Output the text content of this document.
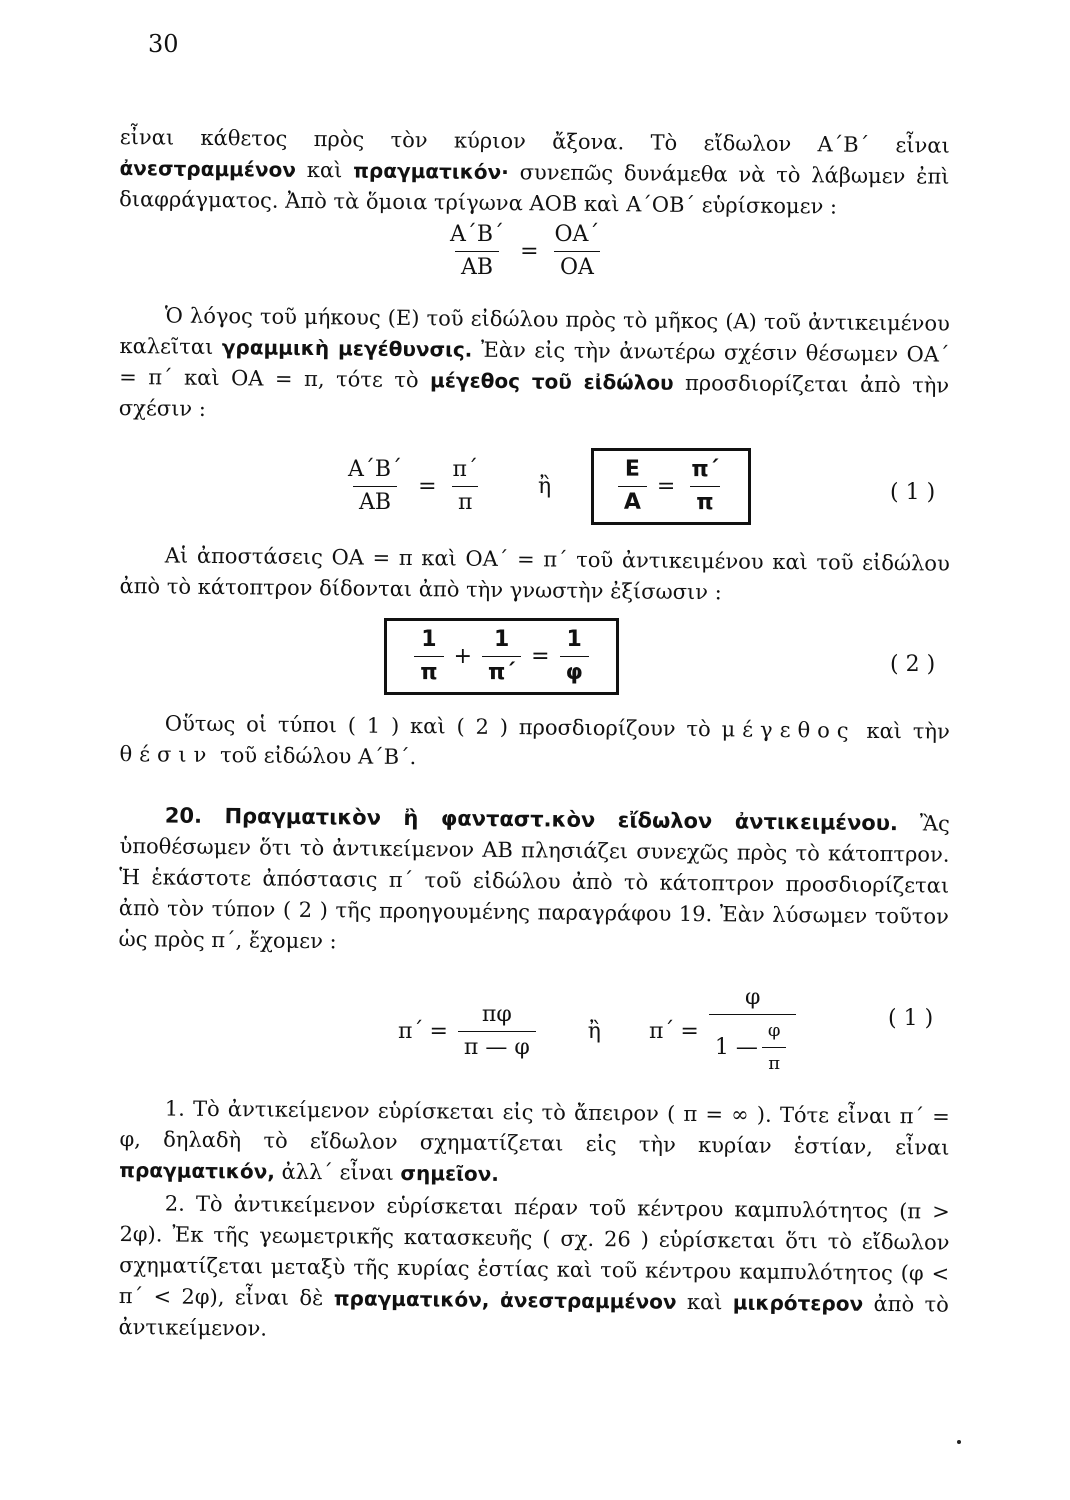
30
εἶναι κάθετος πρὸς τὸν κύριον ἄξονα. Τὸ εἴδωλον Α΄Β΄ εἶναι ἀνεστραμμένον καὶ πραγματικόν· συνεπῶς δυνάμεθα νὰ τὸ λάβωμεν ἐπὶ διαφράγματος. Ἀπὸ τὰ ὅμοια τρίγωνα ΑΟΒ καὶ Α΄ΟΒ΄ εὑρίσκομεν :
$\frac{A΄B΄}{AB} = \frac{OA΄}{OA}$
Ὁ λόγος τοῦ μήκους (Ε) τοῦ εἰδώλου πρὸς τὸ μῆκος (Α) τοῦ ἀντικειμένου καλεῖται γραμμικὴ μεγέθυνσις. Ἐὰν εἰς τὴν ἀνωτέρω σχέσιν θέσωμεν ΟΑ΄ = π΄ καὶ ΟΑ = π, τότε τὸ μέγεθος τοῦ εἰδώλου προσδιορίζεται ἀπὸ τὴν σχέσιν :
$\frac{A΄B΄}{AB} = \frac{\pi΄}{\pi}$ ἢ	$\frac{E}{A} = \frac{\pi΄}{\pi}$	( 1 )
Αἱ ἀποστάσεις ΟΑ = π καὶ ΟΑ΄ = π΄ τοῦ ἀντικειμένου καὶ τοῦ εἰδώλου ἀπὸ τὸ κάτοπτρον δίδονται ἀπὸ τὴν γνωστὴν ἐξίσωσιν :
$\frac{1}{\pi} + \frac{1}{\pi΄} = \frac{1}{\varphi}$	( 2 )
Οὕτως οἱ τύποι ( 1 ) καὶ ( 2 ) προσδιορίζουν τὸ μέγεθος καὶ τὴν θέσιν τοῦ εἰδώλου Α΄Β΄.
20. Πραγματικὸν ἢ φανταστ.κὸν εἴδωλον ἀντικειμένου. Ἂς ὑποθέσωμεν ὅτι τὸ ἀντικείμενον ΑΒ πλησιάζει συνεχῶς πρὸς τὸ κάτοπτρον. Ἡ ἑκάστοτε ἀπόστασις π΄ τοῦ εἰδώλου ἀπὸ τὸ κάτοπτρον προσδιορίζεται ἀπὸ τὸν τύπον ( 2 ) τῆς προηγουμένης παραγράφου 19. Ἐὰν λύσωμεν τοῦτον ὡς πρὸς π΄, ἔχομεν :
$\pi΄ = \frac{\pi\varphi}{\pi — \varphi}$ ἢ $\pi΄ = \frac{\varphi}{1 — \frac{\varphi}{\pi}}$	( 1 )
1. Τὸ ἀντικείμενον εὑρίσκεται εἰς τὸ ἄπειρον ( π = ∞ ). Τότε εἶναι π΄ = φ, δηλαδὴ τὸ εἴδωλον σχηματίζεται εἰς τὴν κυρίαν ἑστίαν, εἶναι πραγματικόν, ἀλλ΄ εἶναι σημεῖον.
2. Τὸ ἀντικείμενον εὑρίσκεται πέραν τοῦ κέντρου καμπυλότητος (π > 2φ). Ἐκ τῆς γεωμετρικῆς κατασκευῆς ( σχ. 26 ) εὑρίσκεται ὅτι τὸ εἴδωλον σχηματίζεται μεταξὺ τῆς κυρίας ἑστίας καὶ τοῦ κέντρου καμπυλότητος (φ < π΄ < 2φ), εἶναι δὲ πραγματικόν, ἀνεστραμμένον καὶ μικρότερον ἀπὸ τὸ ἀντικείμενον.
